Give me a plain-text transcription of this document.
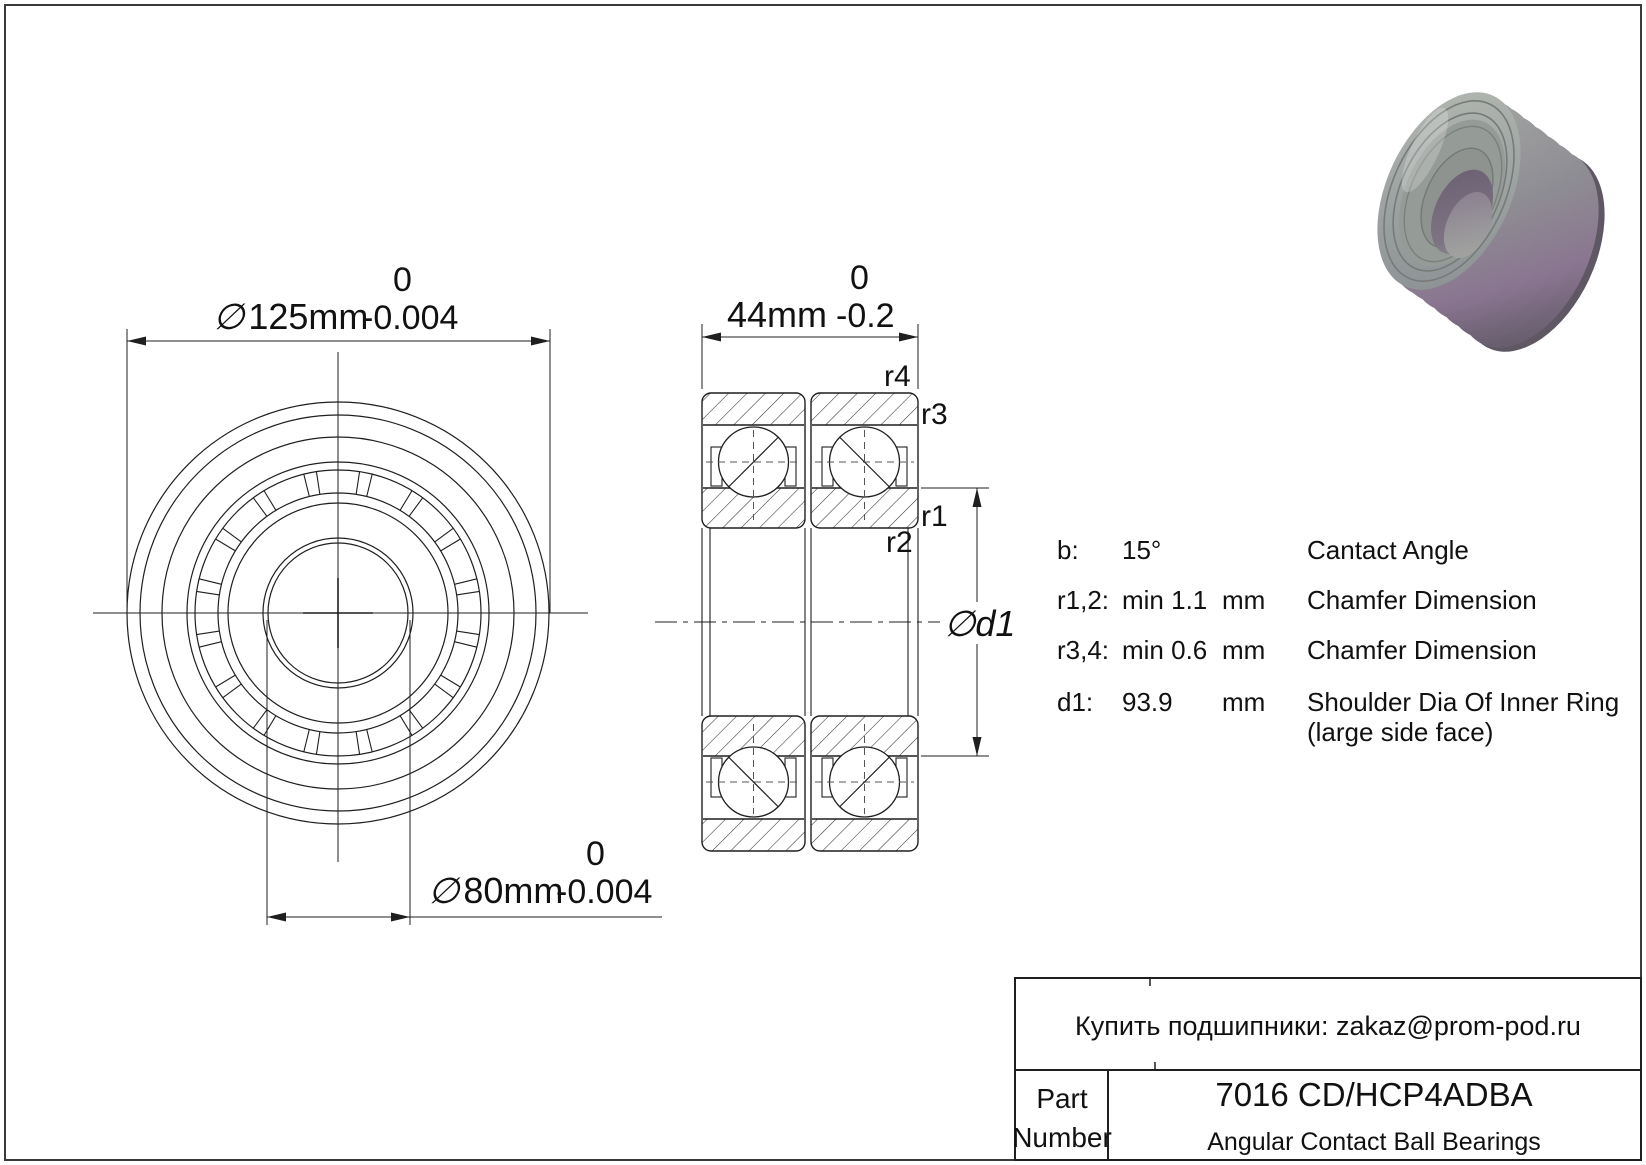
∅ 125mm
0
-0.004
∅ 80mm
0
-0.004
44mm
0
-0.2
∅d1
r4
r3
r1
r2	b: 15°	Cantact Angle
r1,2: min 1.1 mm Chamfer Dimension
r3,4: min 0.6 mm Chamfer Dimension
d1: 93.9 mm Shoulder Dia Of Inner Ring
(large side face)
Купить подшипники: zakaz@prom-pod.ru
Part
Number
7016 CD/HCP4ADBA
Angular Contact Ball Bearings
